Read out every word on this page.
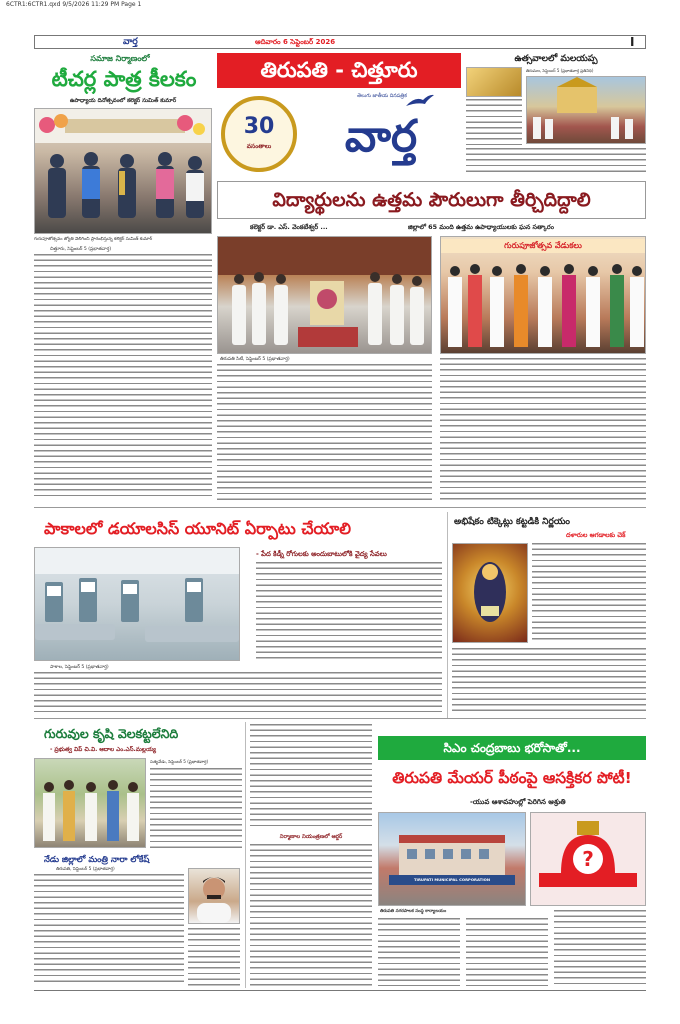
6CTR1:6CTR1.qxd 9/5/2026 11:29 PM Page 1
వార్త	ఆదివారం 6 సెప్టెంబర్ 2026	I
సమాజ నిర్మాణంలో
టీచర్ల పాత్ర కీలకం
ఉపాధ్యాయ దినోత్సవంలో కలెక్టర్ సుమిత్ కుమార్
గురుపూజోత్సవం జ్యోతి వెలిగించి ప్రారంభిస్తున్న కలెక్టర్ సుమిత్ కుమార్
చిత్తూరు, సెప్టెంబర్ 5 (ప్రభాతవార్త)
తిరుపతి - చిత్తూరు
30
వసంతాలు
తెలుగు జాతీయ దినపత్రిక
వార్త
ఉత్సవాలలో మలయప్ప
తిరుమల, సెప్టెంబర్ 5 (ప్రభాతవార్త ప్రతినిధి)
విద్యార్థులను ఉత్తమ పౌరులుగా తీర్చిదిద్దాలి
కలెక్టర్ డా. ఎస్. వెంకటేశ్వర్ ...	జిల్లాలో 65 మంది ఉత్తమ ఉపాధ్యాయులకు ఘన సత్కారం
గురుపూజోత్సవ వేడుకలు
తిరుపతి సిటీ, సెప్టెంబర్ 5 (ప్రభాతవార్త)
పాకాలలో డయాలసిస్ యూనిట్ ఏర్పాటు చేయాలి
- పేద కిడ్నీ రోగులకు అందుబాటులోకి వైద్య సేవలు
పాకాల, సెప్టెంబర్ 5 (ప్రభాతవార్త)
అభిషేకం టిక్కెట్లు కట్టడికి నిర్ణయం
దళారుల ఆగడాలకు చెక్
గురువుల కృషి వెలకట్టలేనిది
- ప్రభుత్వ విప్ చి.వి. ఆదాల ఎం.ఎస్.మల్లయ్య
సత్యవేడు, సెప్టెంబర్ 5 (ప్రభాతవార్త)
నేడు జిల్లాలో మంత్రి నారా లోకేష్
తిరుపతి, సెప్టెంబర్ 5 (ప్రభాతవార్త)
నిర్మాణాల నియంత్రణలో ఆర్డర్
సిఎం చంద్రబాబు భరోసాతో...
తిరుపతి మేయర్ పీఠంపై ఆసక్తికర పోటీ!
-యువ ఆశావహుల్లో పెరిగిన ఆశ్రుతి
TIRUPATI MUNICIPAL CORPORATION
?
తిరుపతి నగరపాలక సంస్థ కార్యాలయం
